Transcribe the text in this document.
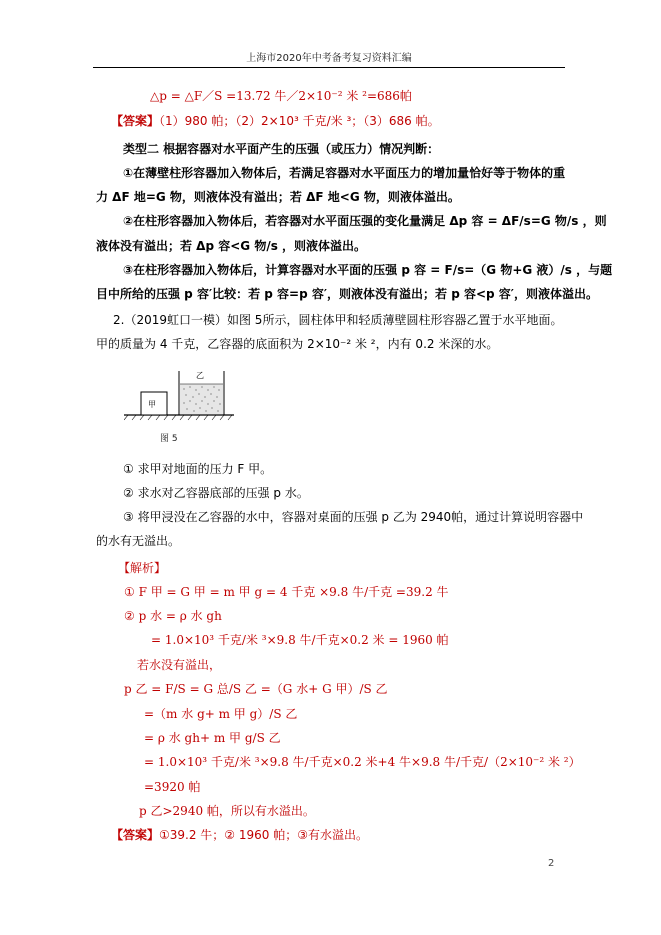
上海市2020年中考备考复习资料汇编
△p = △F／S =13.72 牛／2×10⁻² 米 ²=686帕
【答案】（1）980 帕；（2）2×10³ 千克/米 ³；（3）686 帕。
类型二 根据容器对水平面产生的压强（或压力）情况判断：
①在薄壁柱形容器加入物体后，若满足容器对水平面压力的增加量恰好等于物体的重
力 ΔF 地=G 物，则液体没有溢出；若 ΔF 地<G 物，则液体溢出。
②在柱形容器加入物体后，若容器对水平面压强的变化量满足 Δp 容 = ΔF/s=G 物/s ，则
液体没有溢出；若 Δp 容<G 物/s ，则液体溢出。
③在柱形容器加入物体后，计算容器对水平面的压强 p 容 = F/s=（G 物+G 液）/s ，与题
目中所给的压强 p 容′比较：若 p 容=p 容′，则液体没有溢出；若 p 容<p 容′，则液体溢出。
2.（2019虹口一模）如图 5所示，圆柱体甲和轻质薄壁圆柱形容器乙置于水平地面。
甲的质量为 4 千克，乙容器的底面积为 2×10⁻² 米 ²，内有 0.2 米深的水。
甲
乙
图 5
① 求甲对地面的压力 F 甲。
② 求水对乙容器底部的压强 p 水。
③ 将甲浸没在乙容器的水中，容器对桌面的压强 p 乙为 2940帕，通过计算说明容器中
的水有无溢出。
【解析】
① F 甲 = G 甲 = m 甲 g = 4 千克 ×9.8 牛/千克 =39.2 牛
② p 水 = ρ 水 gh
= 1.0×10³ 千克/米 ³×9.8 牛/千克×0.2 米 = 1960 帕
若水没有溢出，
p 乙 = F/S = G 总/S 乙 =（G 水+ G 甲）/S 乙
=（m 水 g+ m 甲 g）/S 乙
= ρ 水 gh+ m 甲 g/S 乙
= 1.0×10³ 千克/米 ³×9.8 牛/千克×0.2 米+4 牛×9.8 牛/千克/（2×10⁻² 米 ²）
=3920 帕
p 乙>2940 帕，所以有水溢出。
【答案】①39.2 牛；② 1960 帕；③有水溢出。
2
